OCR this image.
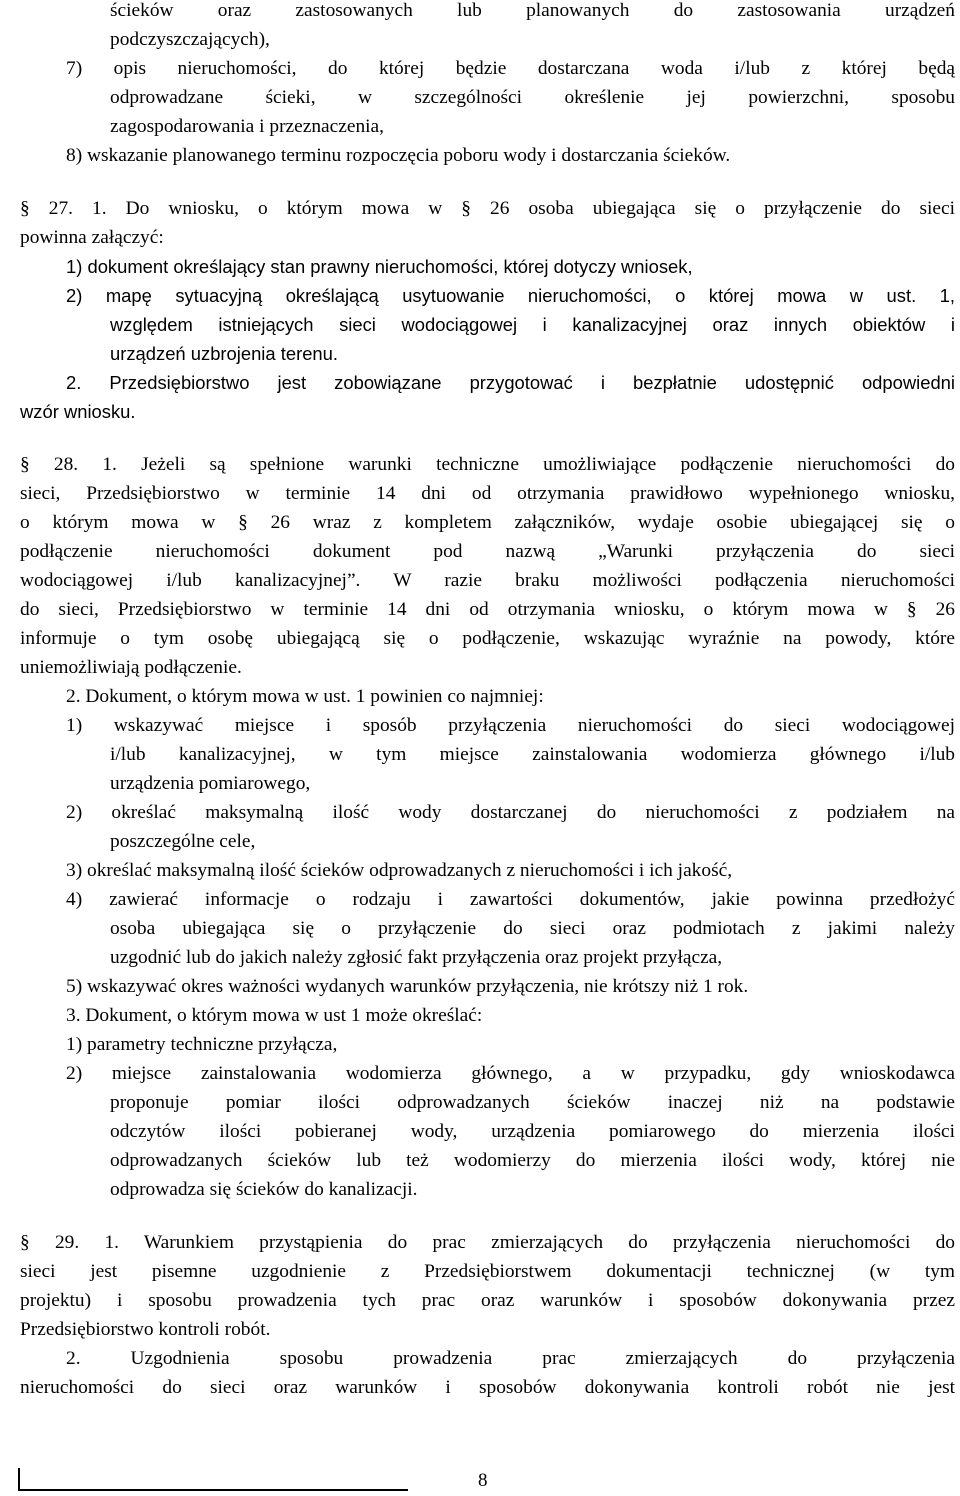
ścieków oraz zastosowanych lub planowanych do zastosowania urządzeń
podczyszczających),
7) opis nieruchomości, do której będzie dostarczana woda i/lub z której będą
odprowadzane ścieki, w szczególności określenie jej powierzchni, sposobu
zagospodarowania i przeznaczenia,
8) wskazanie planowanego terminu rozpoczęcia poboru wody i dostarczania ścieków.
§ 27. 1. Do wniosku, o którym mowa w § 26 osoba ubiegająca się o przyłączenie do sieci
powinna załączyć:
1) dokument określający stan prawny nieruchomości, której dotyczy wniosek,
2) mapę sytuacyjną określającą usytuowanie nieruchomości, o której mowa w ust. 1,
względem istniejących sieci wodociągowej i kanalizacyjnej oraz innych obiektów i
urządzeń uzbrojenia terenu.
2. Przedsiębiorstwo jest zobowiązane przygotować i bezpłatnie udostępnić odpowiedni
wzór wniosku.
§ 28. 1. Jeżeli są spełnione warunki techniczne umożliwiające podłączenie nieruchomości do
sieci, Przedsiębiorstwo w terminie 14 dni od otrzymania prawidłowo wypełnionego wniosku,
o którym mowa w § 26 wraz z kompletem załączników, wydaje osobie ubiegającej się o
podłączenie nieruchomości dokument pod nazwą „Warunki przyłączenia do sieci
wodociągowej i/lub kanalizacyjnej”. W razie braku możliwości podłączenia nieruchomości
do sieci, Przedsiębiorstwo w terminie 14 dni od otrzymania wniosku, o którym mowa w § 26
informuje o tym osobę ubiegającą się o podłączenie, wskazując wyraźnie na powody, które
uniemożliwiają podłączenie.
2. Dokument, o którym mowa w ust. 1 powinien co najmniej:
1) wskazywać miejsce i sposób przyłączenia nieruchomości do sieci wodociągowej
i/lub kanalizacyjnej, w tym miejsce zainstalowania wodomierza głównego i/lub
urządzenia pomiarowego,
2) określać maksymalną ilość wody dostarczanej do nieruchomości z podziałem na
poszczególne cele,
3) określać maksymalną ilość ścieków odprowadzanych z nieruchomości i ich jakość,
4) zawierać informacje o rodzaju i zawartości dokumentów, jakie powinna przedłożyć
osoba ubiegająca się o przyłączenie do sieci oraz podmiotach z jakimi należy
uzgodnić lub do jakich należy zgłosić fakt przyłączenia oraz projekt przyłącza,
5) wskazywać okres ważności wydanych warunków przyłączenia, nie krótszy niż 1 rok.
3. Dokument, o którym mowa w ust 1 może określać:
1) parametry techniczne przyłącza,
2) miejsce zainstalowania wodomierza głównego, a w przypadku, gdy wnioskodawca
proponuje pomiar ilości odprowadzanych ścieków inaczej niż na podstawie
odczytów ilości pobieranej wody, urządzenia pomiarowego do mierzenia ilości
odprowadzanych ścieków lub też wodomierzy do mierzenia ilości wody, której nie
odprowadza się ścieków do kanalizacji.
§ 29. 1. Warunkiem przystąpienia do prac zmierzających do przyłączenia nieruchomości do
sieci jest pisemne uzgodnienie z Przedsiębiorstwem dokumentacji technicznej (w tym
projektu) i sposobu prowadzenia tych prac oraz warunków i sposobów dokonywania przez
Przedsiębiorstwo kontroli robót.
2. Uzgodnienia sposobu prowadzenia prac zmierzających do przyłączenia
nieruchomości do sieci oraz warunków i sposobów dokonywania kontroli robót nie jest
8
